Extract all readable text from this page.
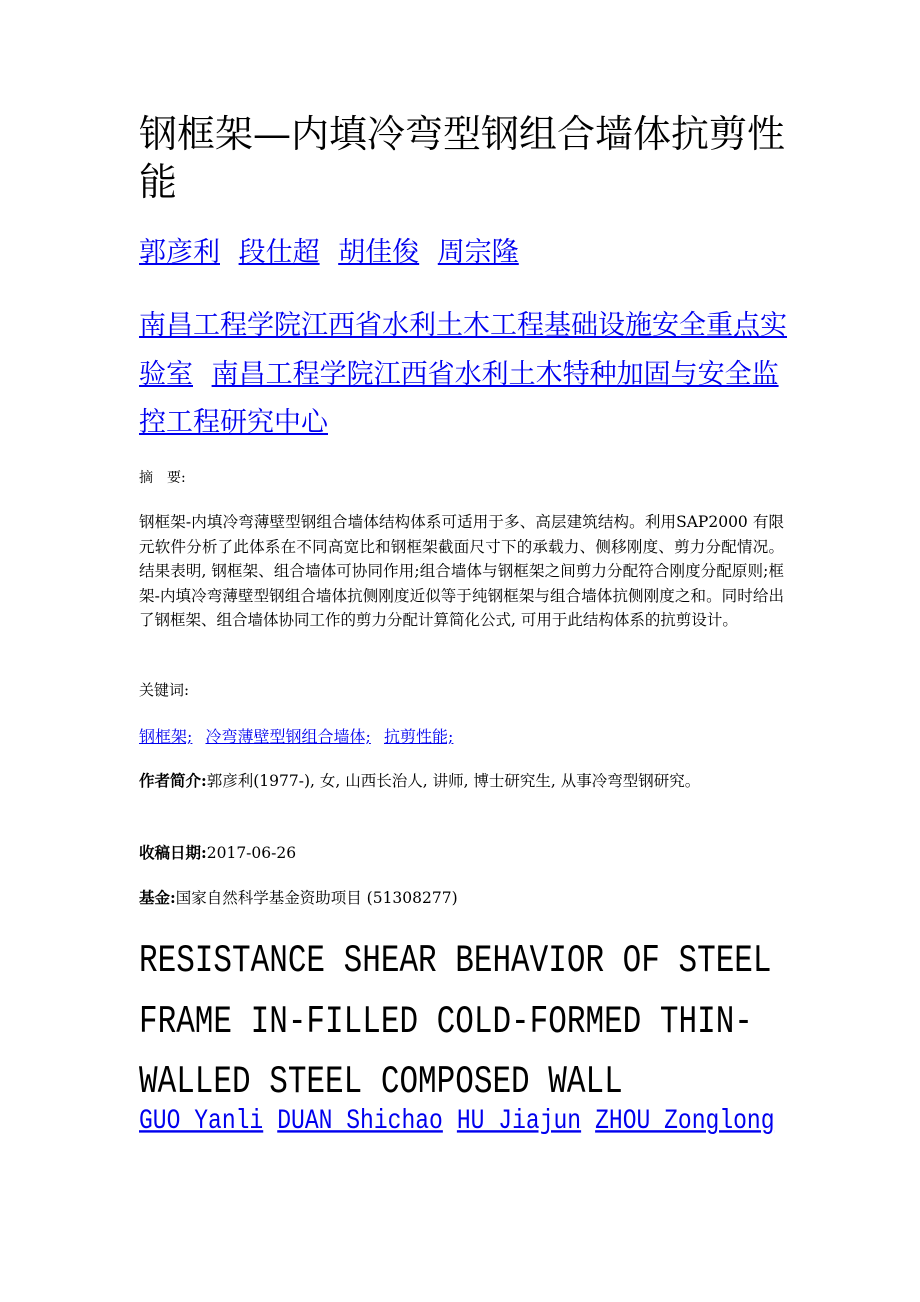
钢框架—内填冷弯型钢组合墙体抗剪性能
郭彦利 段仕超 胡佳俊 周宗隆
南昌工程学院江西省水利土木工程基础设施安全重点实验室 南昌工程学院江西省水利土木特种加固与安全监控工程研究中心
摘　要:
钢框架-内填冷弯薄壁型钢组合墙体结构体系可适用于多、高层建筑结构。利用SAP2000 有限元软件分析了此体系在不同高宽比和钢框架截面尺寸下的承载力、侧移刚度、剪力分配情况。结果表明, 钢框架、组合墙体可协同作用;组合墙体与钢框架之间剪力分配符合刚度分配原则;框架-内填冷弯薄壁型钢组合墙体抗侧刚度近似等于纯钢框架与组合墙体抗侧刚度之和。同时给出了钢框架、组合墙体协同工作的剪力分配计算简化公式, 可用于此结构体系的抗剪设计。
关键词:
钢框架; 冷弯薄壁型钢组合墙体; 抗剪性能;
作者简介:郭彦利(1977-), 女, 山西长治人, 讲师, 博士研究生, 从事冷弯型钢研究。
收稿日期:2017-06-26
基金:国家自然科学基金资助项目 (51308277)
RESISTANCE SHEAR BEHAVIOR OF STEEL FRAME IN-FILLED COLD-FORMED THIN-WALLED STEEL COMPOSED WALL
GUO Yanli DUAN Shichao HU Jiajun ZHOU Zonglong
